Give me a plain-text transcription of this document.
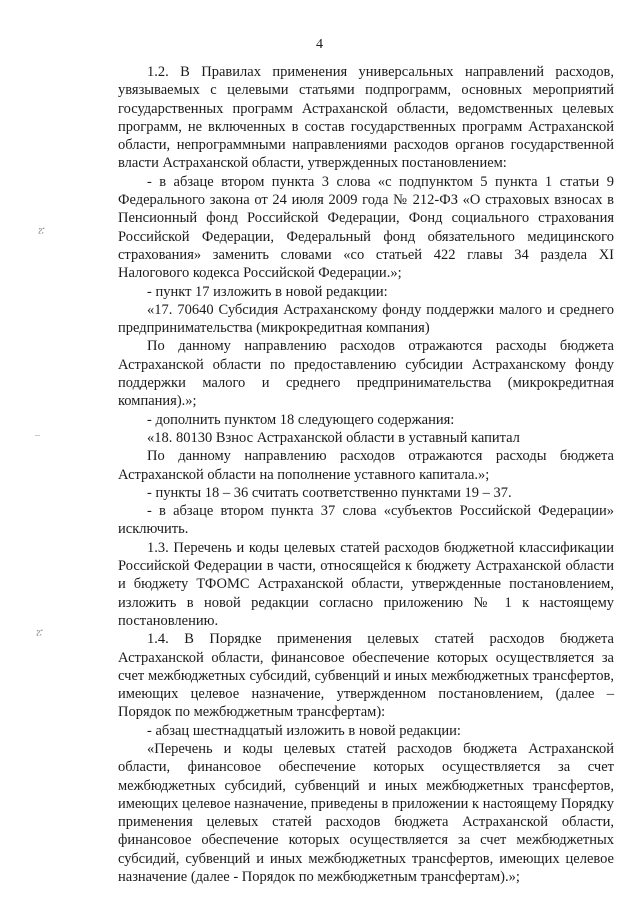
4
ፘ
–
ፘ

1.2. В Правилах применения универсальных направлений расходов, увязываемых с целевыми статьями подпрограмм, основных мероприятий государственных программ Астраханской области, ведомственных целевых программ, не включенных в состав государственных программ Астраханской области, непрограммными направлениями расходов органов государственной власти Астраханской области, утвержденных постановлением:

- в абзаце втором пункта 3 слова «с подпунктом 5 пункта 1 статьи 9 Федерального закона от 24 июля 2009 года № 212-ФЗ «О страховых взносах в Пенсионный фонд Российской Федерации, Фонд социального страхования Российской Федерации, Федеральный фонд обязательного медицинского страхования» заменить словами «со статьей 422 главы 34 раздела XI Налогового кодекса Российской Федерации.»;

- пункт 17 изложить в новой редакции:

«17. 70640 Субсидия Астраханскому фонду поддержки малого и среднего предпринимательства (микрокредитная компания)

По данному направлению расходов отражаются расходы бюджета Астраханской области по предоставлению субсидии Астраханскому фонду поддержки малого и среднего предпринимательства (микрокредитная компания).»;

- дополнить пунктом 18 следующего содержания:

«18. 80130 Взнос Астраханской области в уставный капитал

По данному направлению расходов отражаются расходы бюджета Астраханской области на пополнение уставного капитала.»;

- пункты 18 – 36 считать соответственно пунктами 19 – 37.

- в абзаце втором пункта 37 слова «субъектов Российской Федерации» исключить.

1.3. Перечень и коды целевых статей расходов бюджетной классификации Российской Федерации в части, относящейся к бюджету Астраханской области и бюджету ТФОМС Астраханской области, утвержденные постановлением, изложить в новой редакции согласно приложению № 1 к настоящему постановлению.

1.4. В Порядке применения целевых статей расходов бюджета Астраханской области, финансовое обеспечение которых осуществляется за счет межбюджетных субсидий, субвенций и иных межбюджетных трансфертов, имеющих целевое назначение, утвержденном постановлением, (далее – Порядок по межбюджетным трансфертам):

- абзац шестнадцатый изложить в новой редакции:

«Перечень и коды целевых статей расходов бюджета Астраханской области, финансовое обеспечение которых осуществляется за счет межбюджетных субсидий, субвенций и иных межбюджетных трансфертов, имеющих целевое назначение, приведены в приложении к настоящему Порядку применения целевых статей расходов бюджета Астраханской области, финансовое обеспечение которых осуществляется за счет межбюджетных субсидий, субвенций и иных межбюджетных трансфертов, имеющих целевое назначение (далее - Порядок по межбюджетным трансфертам).»;
